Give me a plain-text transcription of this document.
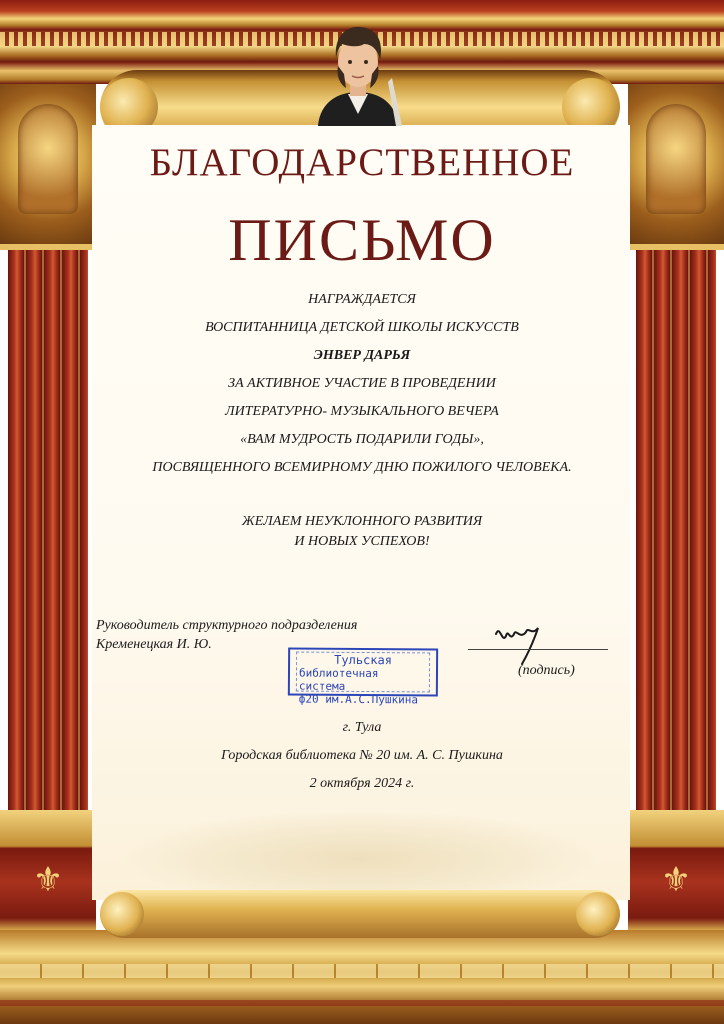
⚜	⚜
БЛАГОДАРСТВЕННОЕ
ПИСЬМО
НАГРАЖДАЕТСЯ
ВОСПИТАННИЦА ДЕТСКОЙ ШКОЛЫ ИСКУССТВ
ЭНВЕР ДАРЬЯ
ЗА АКТИВНОЕ УЧАСТИЕ В ПРОВЕДЕНИИ
ЛИТЕРАТУРНО- МУЗЫКАЛЬНОГО ВЕЧЕРА
«ВАМ МУДРОСТЬ ПОДАРИЛИ ГОДЫ»,
ПОСВЯЩЕННОГО ВСЕМИРНОМУ ДНЮ ПОЖИЛОГО ЧЕЛОВЕКА.
ЖЕЛАЕМ НЕУКЛОННОГО РАЗВИТИЯ
И НОВЫХ УСПЕХОВ!
Руководитель структурного подразделения
Кременецкая И. Ю.
Тульская
библиотечная система
ф20 им.А.С.Пушкина
(подпись)
г. Тула
Городская библиотека № 20 им. А. С. Пушкина
2 октября 2024 г.
